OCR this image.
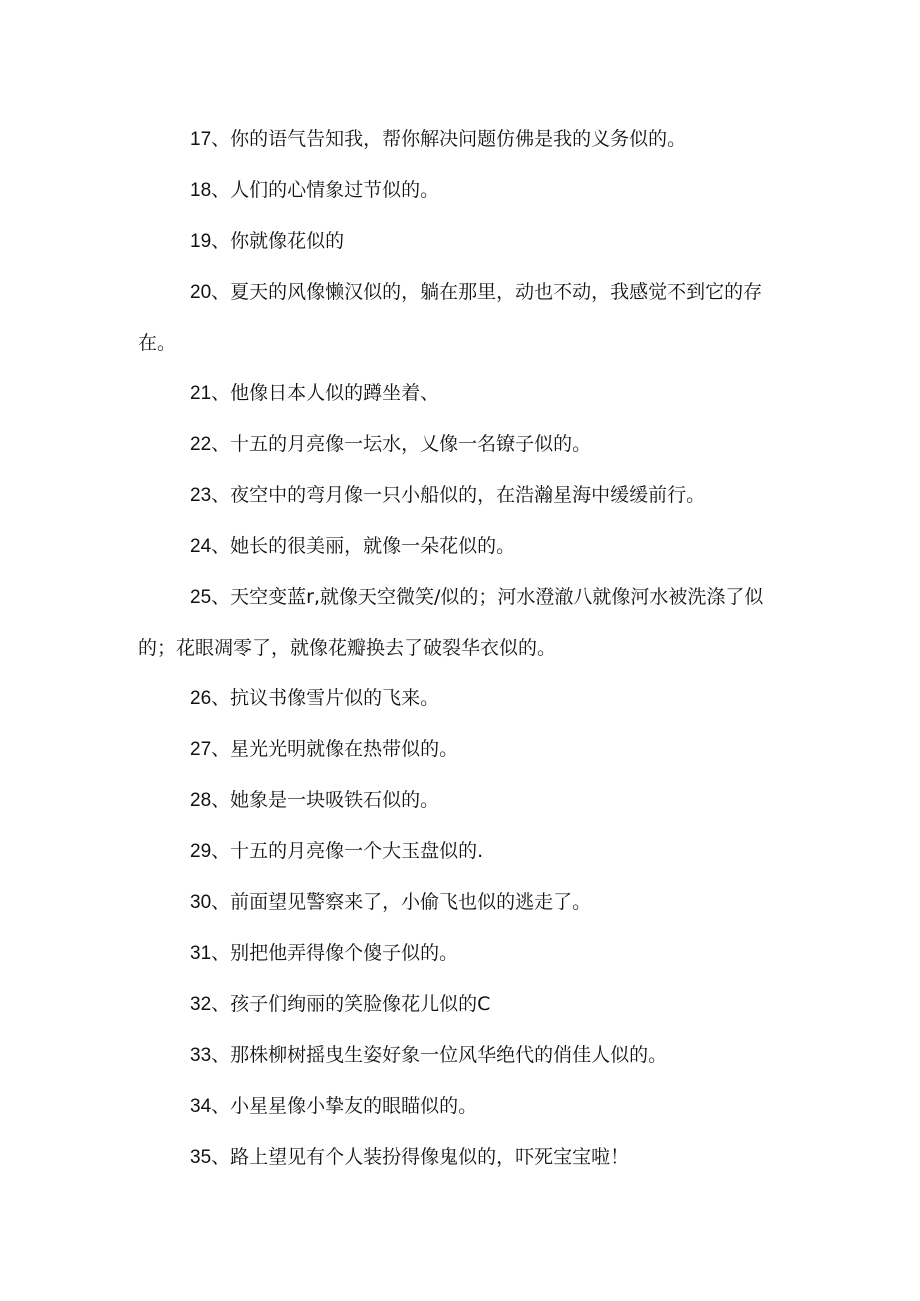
17、你的语气告知我，帮你解决问题仿佛是我的义务似的。
18、人们的心情象过节似的。
19、你就像花似的
20、夏天的风像懒汉似的，躺在那里，动也不动，我感觉不到它的存在。
21、他像日本人似的蹲坐着、
22、十五的月亮像一坛水，乂像一名镣子似的。
23、夜空中的弯月像一只小船似的，在浩瀚星海中缓缓前行。
24、她长的很美丽，就像一朵花似的。
25、天空变蓝r,就像天空微笑/似的；河水澄澈八就像河水被洗涤了似的；花眼凋零了，就像花瓣换去了破裂华衣似的。
26、抗议书像雪片似的飞来。
27、星光光明就像在热带似的。
28、她象是一块吸铁石似的。
29、十五的月亮像一个大玉盘似的.
30、前面望见警察来了，小偷飞也似的逃走了。
31、别把他弄得像个傻子似的。
32、孩子们绚丽的笑脸像花儿似的C
33、那株柳树摇曳生姿好象一位风华绝代的俏佳人似的。
34、小星星像小挚友的眼瞄似的。
35、路上望见有个人装扮得像鬼似的，吓死宝宝啦！
